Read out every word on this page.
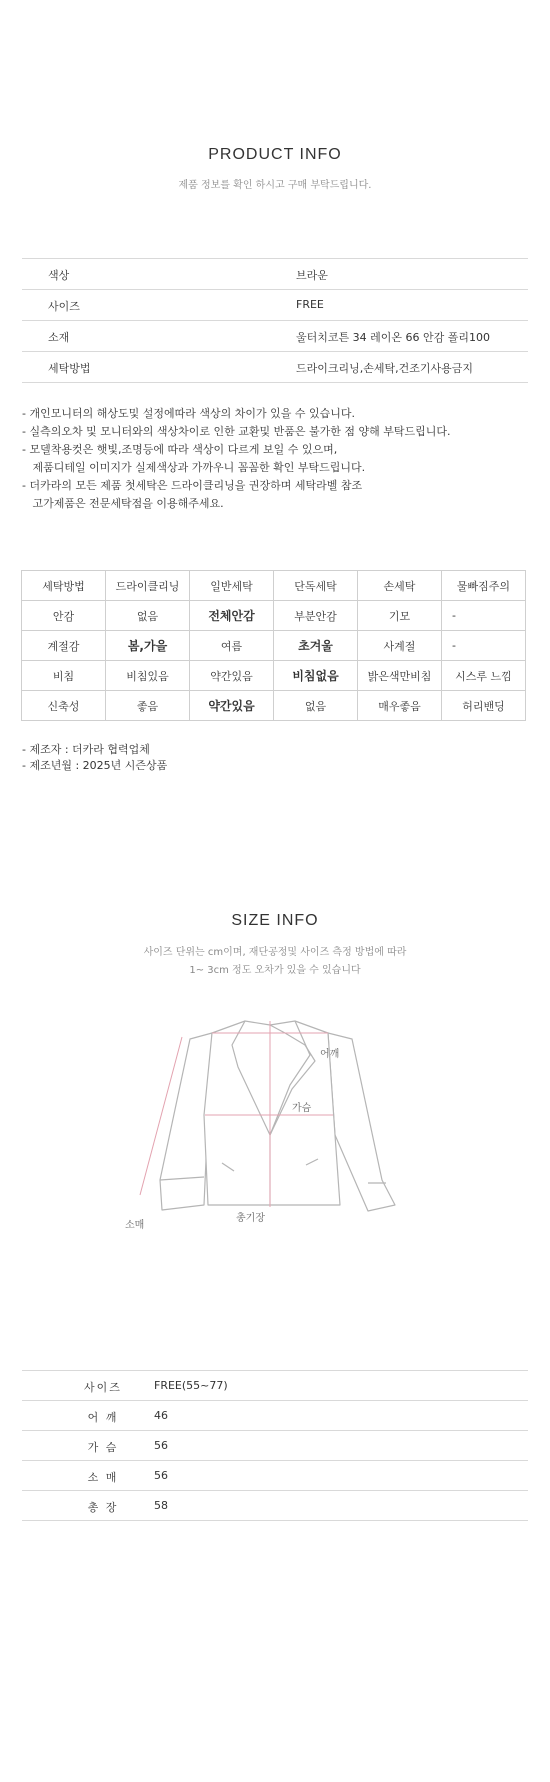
PRODUCT INFO
제품 정보를 확인 하시고 구매 부탁드립니다.
색상	브라운
사이즈	FREE
소재	울터치코튼 34 레이온 66 안감 폴리100
세탁방법	드라이크리닝,손세탁,건조기사용금지
- 개인모니터의 해상도및 설정에따라 색상의 차이가 있을 수 있습니다.
- 실측의오차 및 모니터와의 색상차이로 인한 교환및 반품은 불가한 점 양해 부탁드립니다.
- 모델착용컷은 햇빛,조명등에 따라 색상이 다르게 보일 수 있으며,
제품디테일 이미지가 실제색상과 가까우니 꼼꼼한 확인 부탁드립니다.
- 더카라의 모든 제품 첫세탁은 드라이클리닝을 권장하며 세탁라벨 참조
고가제품은 전문세탁점을 이용해주세요.
세탁방법	드라이클리닝	일반세탁	단독세탁	손세탁	물빠짐주의
안감	없음	전체안감	부분안감	기모	-
계절감	봄,가을	여름	초겨울	사계절	-
비침	비침있음	약간있음	비침없음	밝은색만비침	시스루 느낌
신축성	좋음	약간있음	없음	매우좋음	허리밴딩
- 제조자 : 더카라 협력업체
- 제조년월 : 2025년 시즌상품
SIZE INFO
사이즈 단위는 cm이며, 재단공정및 사이즈 측정 방법에 따라
1~ 3cm 정도 오차가 있을 수 있습니다
어깨
가슴
소매
총기장
사이즈	FREE(55~77)
어 깨	46
가 슴	56
소 매	56
총 장	58
